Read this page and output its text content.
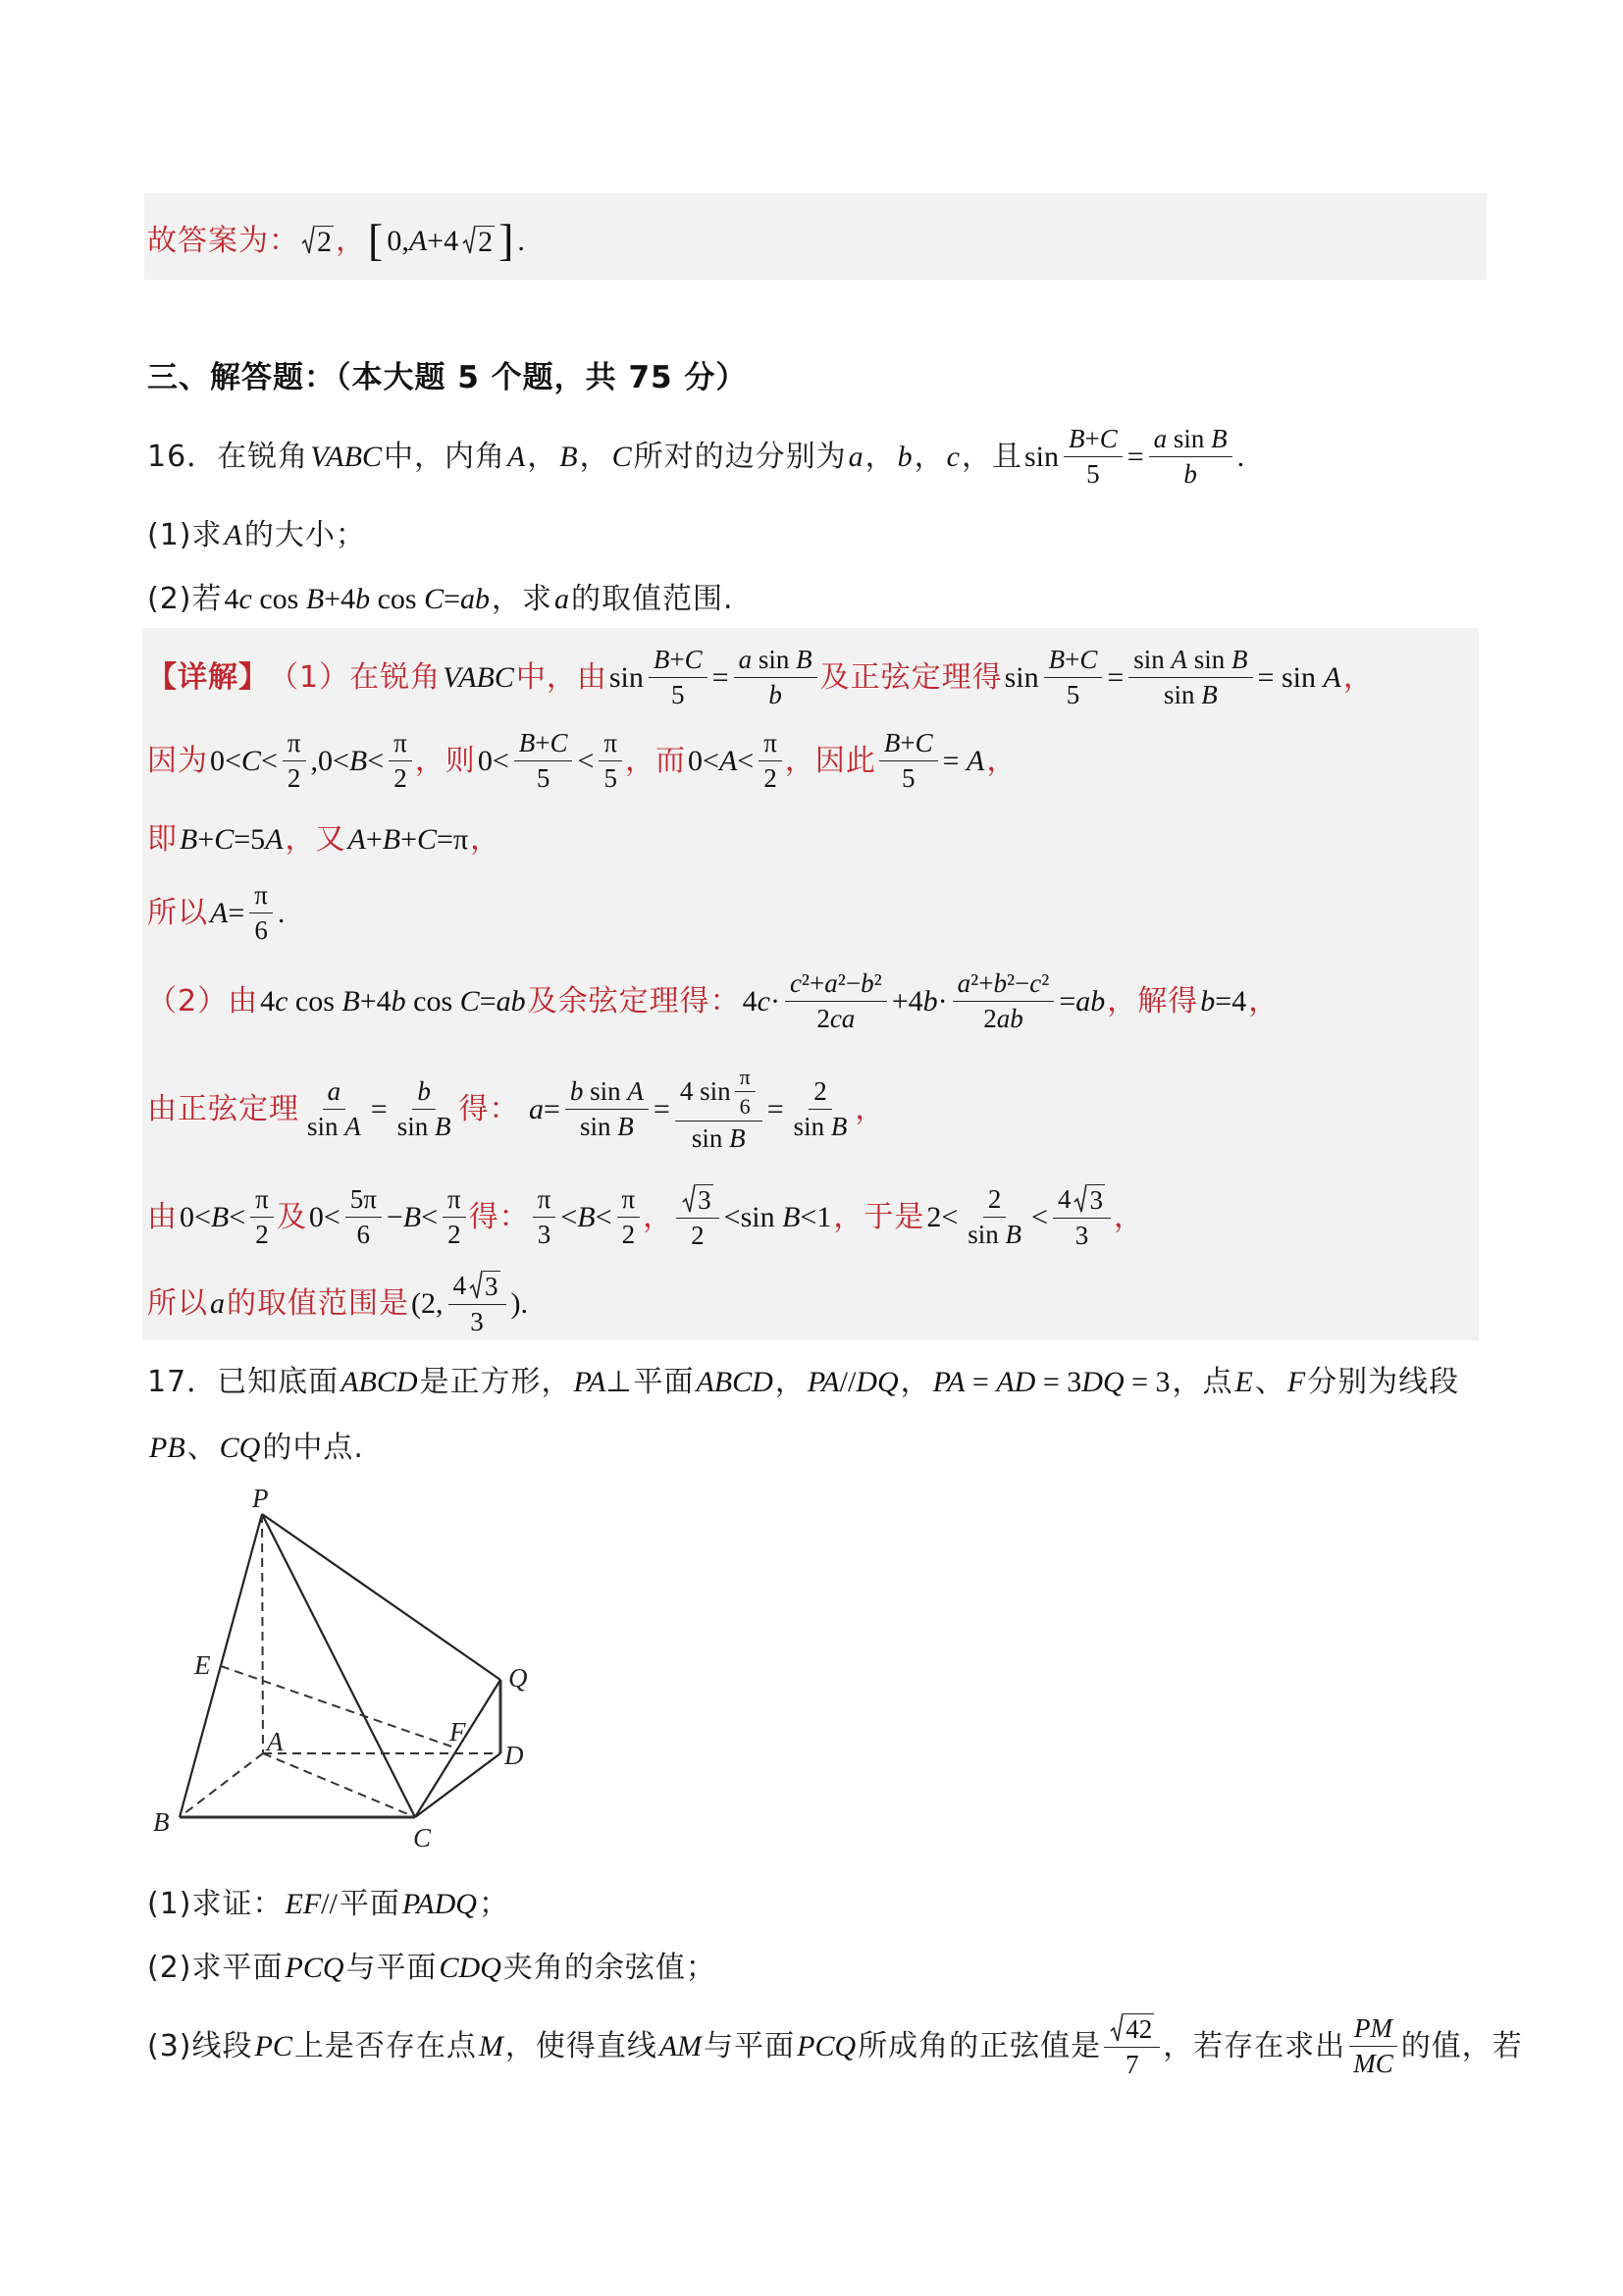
故答案为： 2 ， [ 0,A+4 2 ] .
三、解答题：（本大题 5 个题，共 75 分）
16．在锐角 VABC 中，内角 A ， B ， C 所对的边分别为 a ， b ， c ，且 $\sin \frac{B+C}{5} = \frac{\text{a sin B}}{b}$ .
(1)求 A 的大小；
(2)若 4c cos B+4b cos C=ab ，求 a 的取值范围.
【详解】 （1）在锐角 VABC 中，由 $\sin \frac{B+C}{5} = \frac{\text{a sin B}}{b}$ 及正弦定理得 $\sin \frac{B+C}{5} = \frac{\text{sin A sin B}}{\text{sin B}} = \sin A$ ，
因为 $0<C< \frac{\pi}{2} ,0<B< \frac{\pi}{2}$ ，则 $0< \frac{B+C}{5} < \frac{\pi}{5}$ ，而 $0<A< \frac{\pi}{2}$ ，因此 $\frac{B+C}{5} = A$ ，
即 B+C=5A ，又 A+B+C=π ，
所以 $A= \frac{\pi}{6}$ .
（2）由 4c cos B+4b cos C=ab 及余弦定理得： $4c\cdot \frac{\text{c²+a²−b²}}{2ca} +4b\cdot \frac{\text{a²+b²−c²}}{2ab} =ab$ ，解得 b=4 ，
由正弦定理 $\frac{a}{\text{sin A}} = \frac{b}{\text{sin B}}$ 得： $a= \frac{\text{b sin A}}{\text{sin B}} = \frac{4 \sin \frac{\pi}{6}}{\text{sin B}} = \frac{2}{\text{sin B}}$ ，
由 $0<B< \frac{\pi}{2}$ 及 $0< \frac{5\pi}{6} -B< \frac{\pi}{2}$ 得： $\frac{\pi}{3} <B< \frac{\pi}{2}$ ， $\frac{3}{2} <\sin$ B<1 ，于是 $2< \frac{2}{\text{sin B}} < \frac{4 3}{3}$ ，
所以 a 的取值范围是 (2, $\frac{4 3}{3}$ ).
17．已知底面 ABCD 是正方形， PA⊥ 平面 ABCD ， PA//DQ ， PA = AD = 3DQ = 3 ，点 E 、 F 分别为线段
PB 、 CQ 的中点.
P
E	Q
F
A	D
B
C
(1)求证： EF// 平面 PADQ ；
(2)求平面 PCQ 与平面 CDQ 夹角的余弦值；
(3)线段 PC 上是否存在点 M ，使得直线 AM 与平面 PCQ 所成角的正弦值是 $\frac{42}{7}$ ，若存在求出 $\frac{PM}{MC}$ 的值，若
